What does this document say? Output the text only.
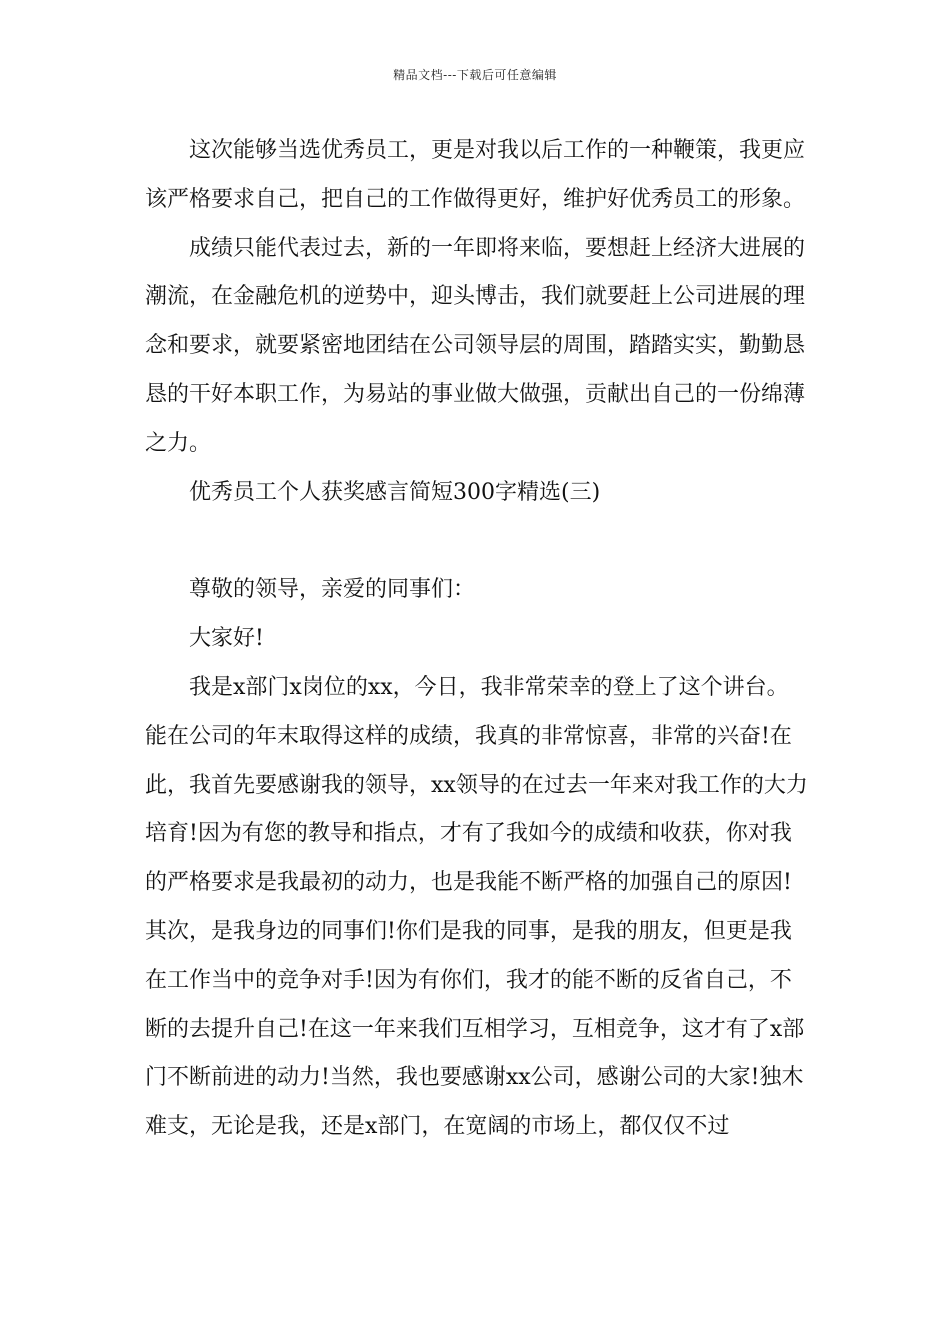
精品文档---下载后可任意编辑

这次能够当选优秀员工，更是对我以后工作的一种鞭策，我更应该严格要求自己，把自己的工作做得更好，维护好优秀员工的形象。

成绩只能代表过去，新的一年即将来临，要想赶上经济大进展的潮流，在金融危机的逆势中，迎头博击，我们就要赶上公司进展的理念和要求，就要紧密地团结在公司领导层的周围，踏踏实实，勤勤恳恳的干好本职工作，为易站的事业做大做强，贡献出自己的一份绵薄之力。

优秀员工个人获奖感言简短300字精选(三)

尊敬的领导，亲爱的同事们：

大家好!

我是x部门x岗位的xx，今日，我非常荣幸的登上了这个讲台。能在公司的年末取得这样的成绩，我真的非常惊喜，非常的兴奋!在此，我首先要感谢我的领导，xx领导的在过去一年来对我工作的大力培育!因为有您的教导和指点，才有了我如今的成绩和收获，你对我的严格要求是我最初的动力，也是我能不断严格的加强自己的原因!其次，是我身边的同事们!你们是我的同事，是我的朋友，但更是我在工作当中的竞争对手!因为有你们，我才的能不断的反省自己，不断的去提升自己!在这一年来我们互相学习，互相竞争，这才有了x部门不断前进的动力!当然，我也要感谢xx公司，感谢公司的大家!独木难支，无论是我，还是x部门，在宽阔的市场上，都仅仅不过
